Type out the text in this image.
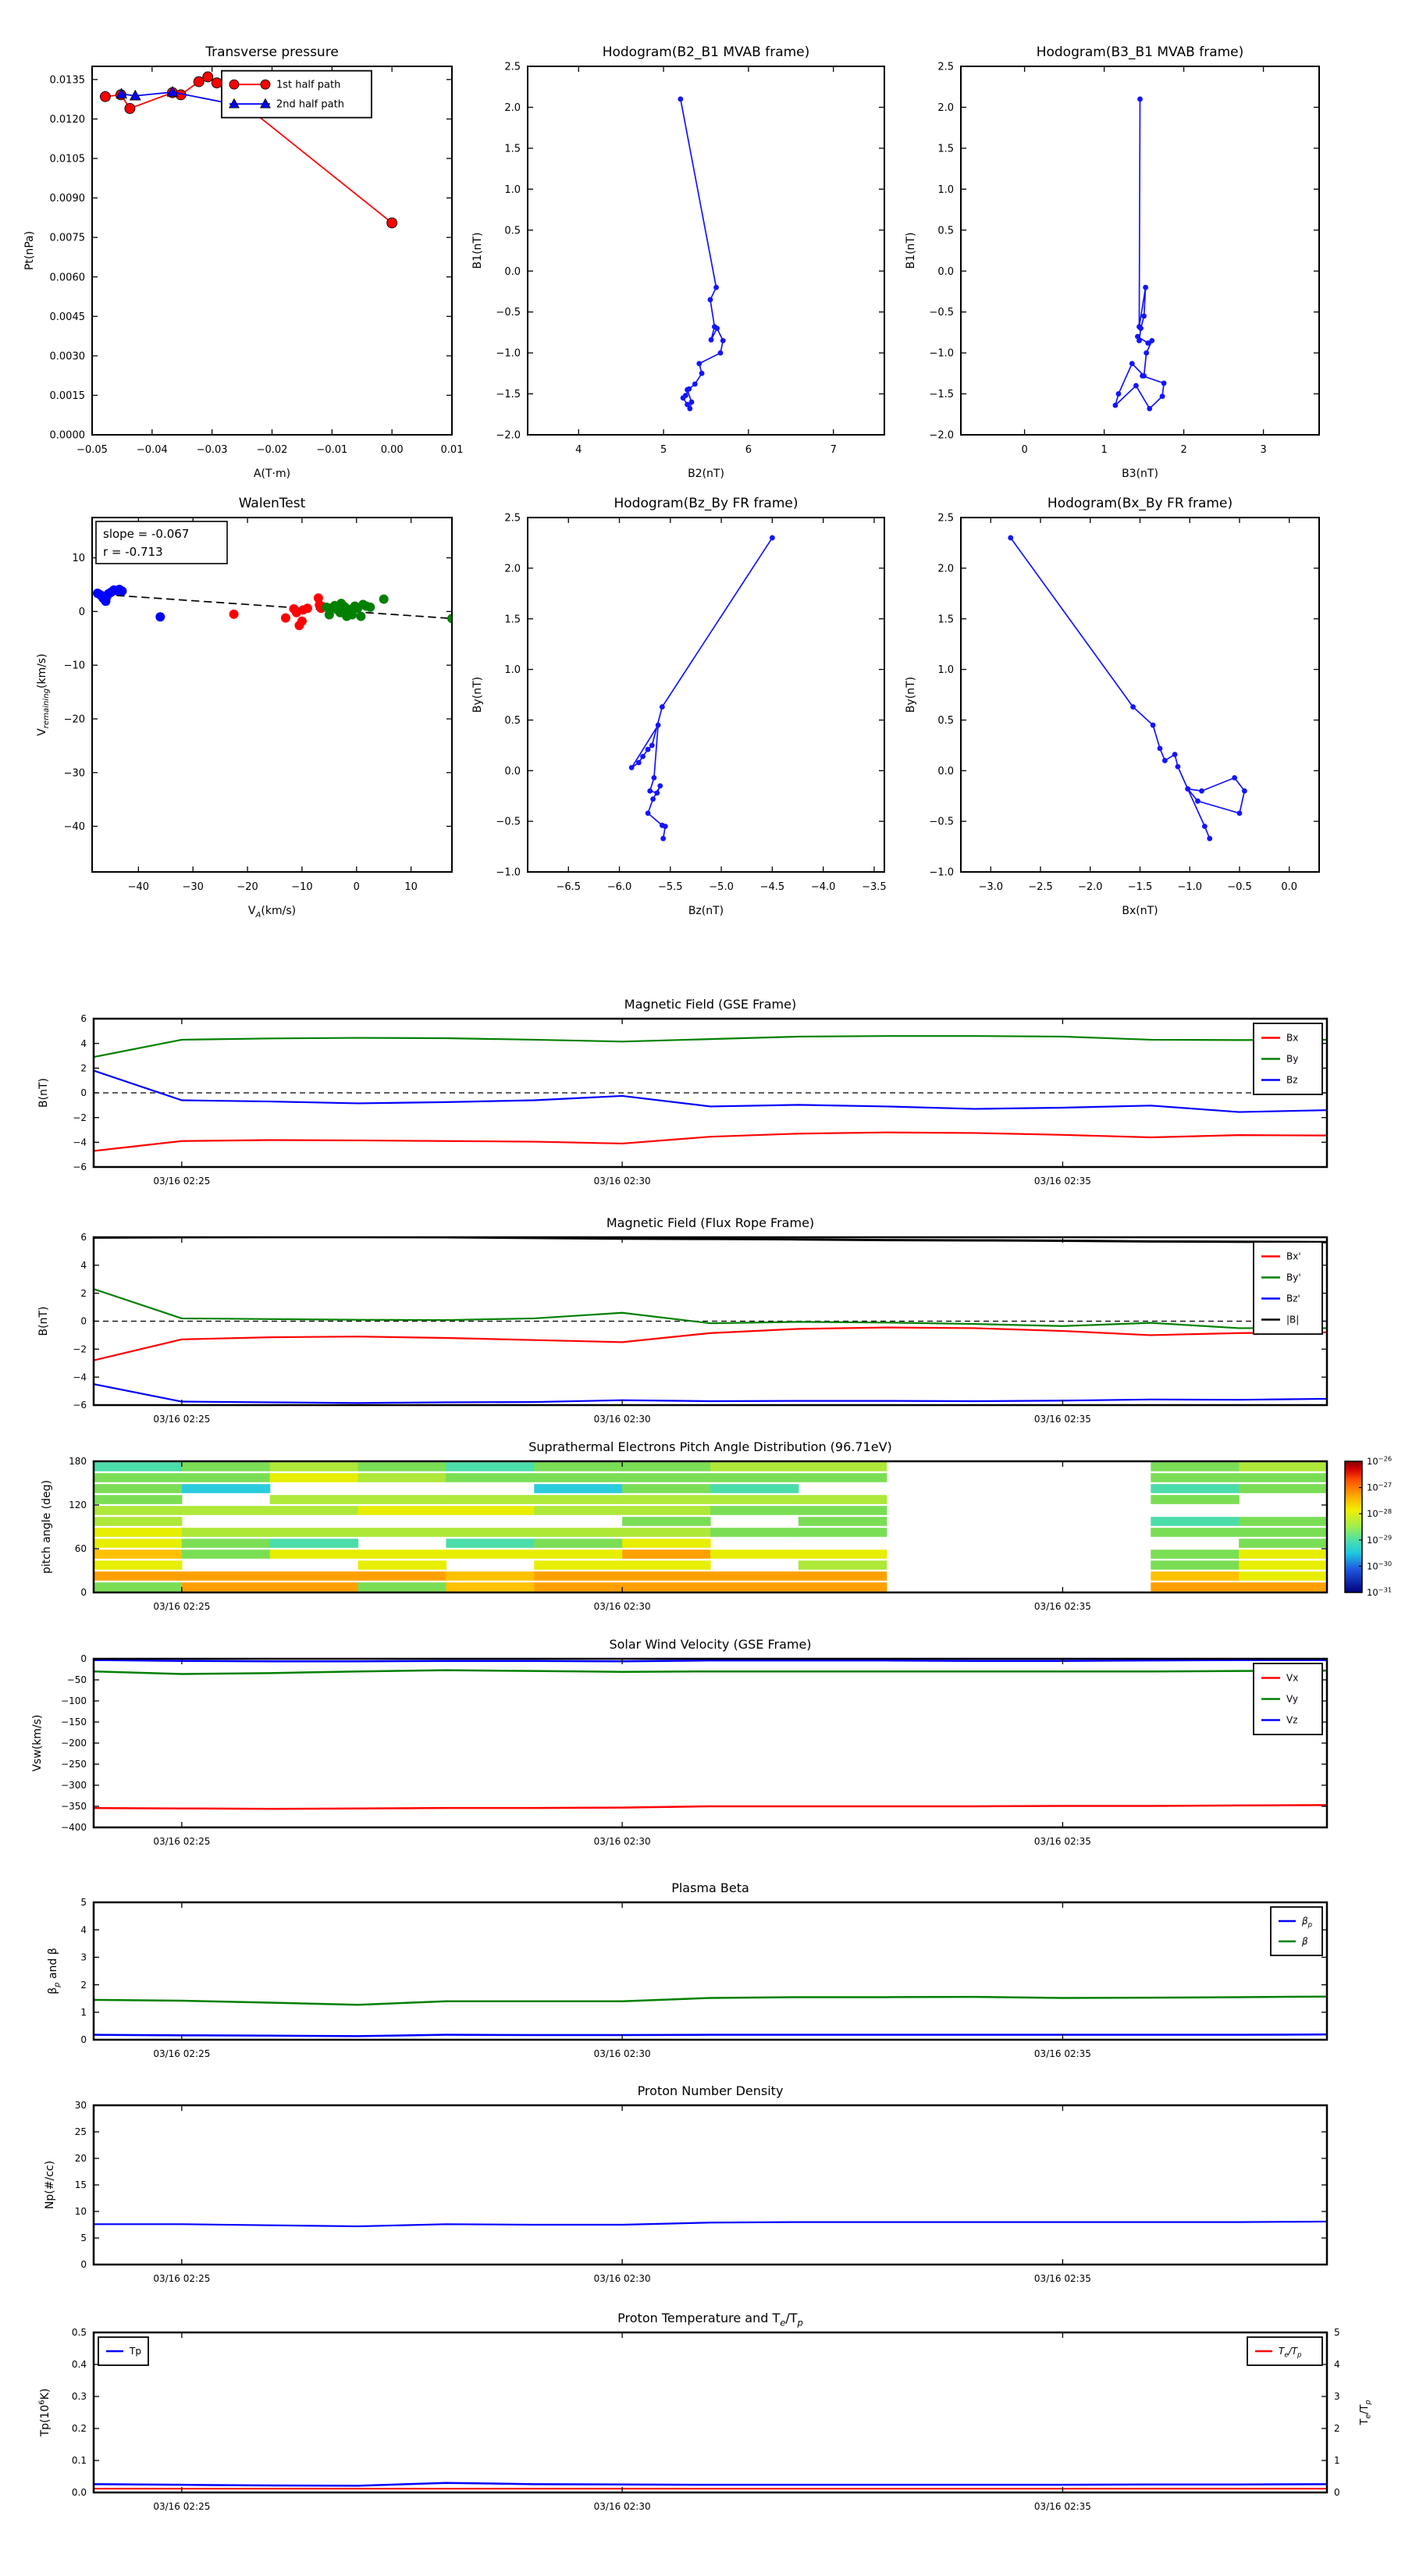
−0.05	−0.04	−0.03	−0.02	−0.01	0.00	0.01
0.0000
0.0015
0.0030
0.0045
0.0060
0.0075
0.0090
0.0105
0.0120
0.0135
Transverse pressure
A(T·m)
Pt(nPa)
1st half path
2nd half path
4	5	6	7
−2.0
−1.5
−1.0
−0.5
0.0
0.5
1.0
1.5
2.0
2.5
Hodogram(B2_B1 MVAB frame)
B2(nT)
B1(nT)
0	1	2	3
−2.0
−1.5
−1.0
−0.5
0.0
0.5
1.0
1.5
2.0
2.5
Hodogram(B3_B1 MVAB frame)
B3(nT)
B1(nT)
−40	−30	−20	−10	0	10
10
0
−10
−20
−30
−40
WalenTest
$V_A(km/s)$
$V_{remaining}(km/s)$
slope = -0.067
r = -0.713
−6.5	−6.0	−5.5	−5.0	−4.5	−4.0	−3.5
−1.0
−0.5
0.0
0.5
1.0
1.5
2.0
2.5
Hodogram(Bz_By FR frame)
Bz(nT)
By(nT)
−3.0 −2.5 −2.0 −1.5 −1.0 −0.5	0.0
−1.0
−0.5
0.0
0.5
1.0
1.5
2.0
2.5
Hodogram(Bx_By FR frame)
Bx(nT)
By(nT)
03/16 02:25	03/16 02:30	03/16 02:35
−6
−4
−2
0
2
4
6
Magnetic Field (GSE Frame)
B(nT)
Bx
By
Bz
03/16 02:25	03/16 02:30	03/16 02:35
−6
−4
−2
0
2
4
6
Magnetic Field (Flux Rope Frame)
B(nT)
Bx'
By'
Bz'
|B|
03/16 02:25	03/16 02:30	03/16 02:35
0
60
120
180
Suprathermal Electrons Pitch Angle Distribution (96.71eV)
pitch angle (deg)
$10^{-26}$
$10^{-27}$
$10^{-28}$
$10^{-29}$
$10^{-30}$
$10^{-31}$
03/16 02:25	03/16 02:30	03/16 02:35
0
−50
−100
−150
−200
−250
−300
−350
−400
Solar Wind Velocity (GSE Frame)
Vsw(km/s)
Vx
Vy
Vz
03/16 02:25	03/16 02:30	03/16 02:35
0
1
2
3
4
5
Plasma Beta
$\beta_p$ and β
$\beta_p$
β
03/16 02:25	03/16 02:30	03/16 02:35
0
5
10
15
20
25
30
Proton Number Density
Np(#/cc)
03/16 02:25	03/16 02:30	03/16 02:35
0.0
0.1
0.2
0.3
0.4
0.5
0
1
2
3
4
5
$T_e/T_p$
Proton Temperature and $T_e/T_p$
$Tp(10^6K)$
Tp	$T_e/T_p$
